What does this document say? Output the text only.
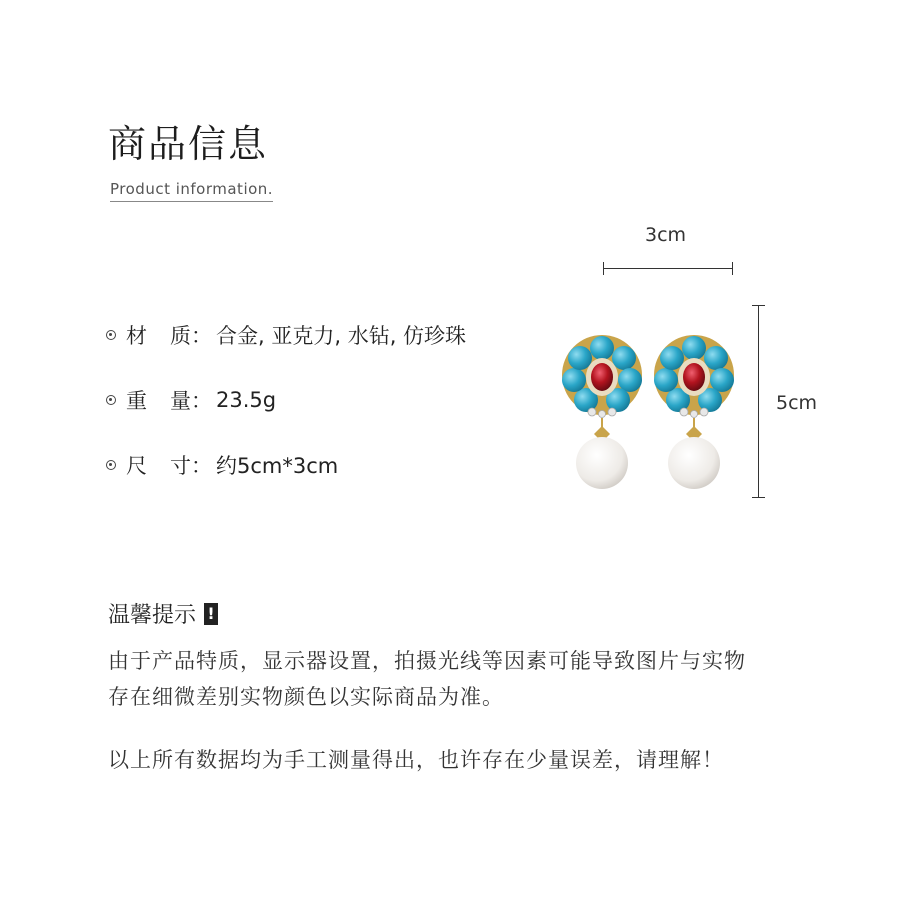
商品信息
Product information.
材 质： 合金, 亚克力, 水钻, 仿珍珠
重 量： 23.5g
尺 寸： 约5cm*3cm
3cm
5cm
温馨提示 !
由于产品特质，显示器设置，拍摄光线等因素可能导致图片与实物
存在细微差别实物颜色以实际商品为准。
以上所有数据均为手工测量得出，也许存在少量误差，请理解！
